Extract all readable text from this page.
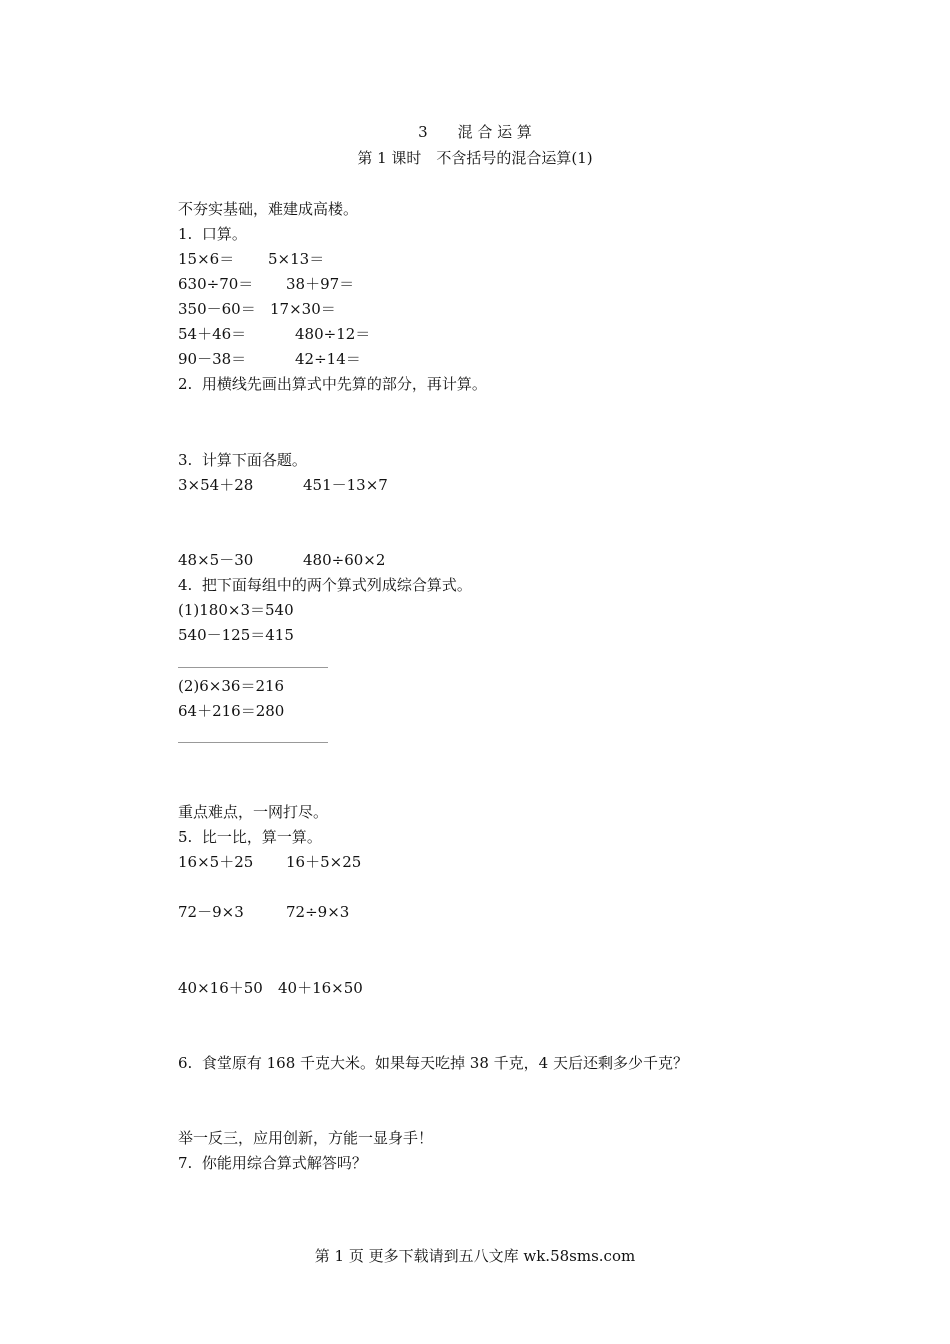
3　　混 合 运 算
第 1 课时　不含括号的混合运算(1)
不夯实基础，难建成高楼。
1.  口算。
15×6＝ 5×13＝
630÷70＝ 38＋97＝
350－60＝ 17×30＝
54＋46＝	480÷12＝
90－38＝	42÷14＝
2.  用横线先画出算式中先算的部分，再计算。
3.  计算下面各题。
3×54＋28	451－13×7
48×5－30	480÷60×2
4.  把下面每组中的两个算式列成综合算式。
(1)180×3＝540
540－125＝415
(2)6×36＝216
64＋216＝280
重点难点，一网打尽。
5.  比一比，算一算。
16×5＋25 16＋5×25
72－9×3	72÷9×3
40×16＋50 40＋16×50
6.  食堂原有 168 千克大米。如果每天吃掉 38 千克，4 天后还剩多少千克？
举一反三，应用创新，方能一显身手！
7.  你能用综合算式解答吗？
第 1 页 更多下载请到五八文库 wk.58sms.com
